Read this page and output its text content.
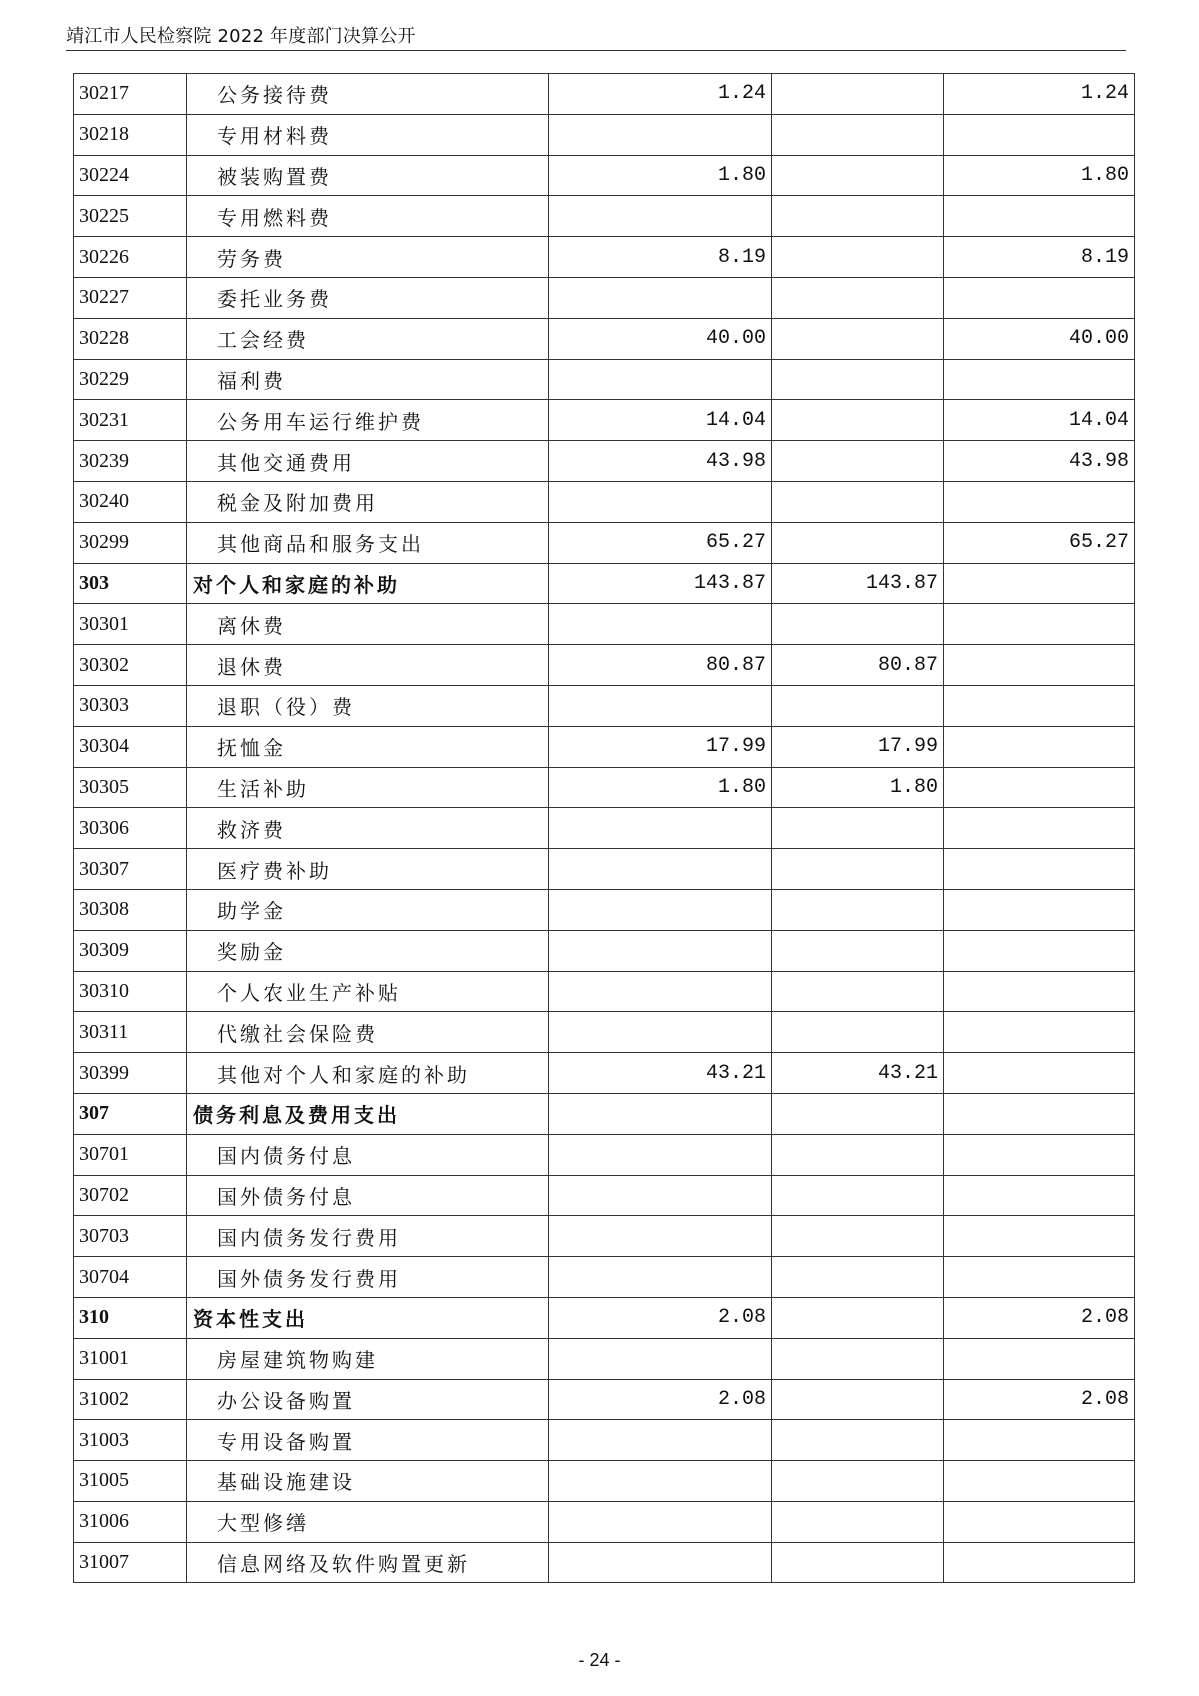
靖江市人民检察院 2022 年度部门决算公开
30217	公务接待费	1.24		1.24
30218	专用材料费			
30224	被装购置费	1.80		1.80
30225	专用燃料费			
30226	劳务费	8.19		8.19
30227	委托业务费			
30228	工会经费	40.00		40.00
30229	福利费			
30231	公务用车运行维护费	14.04		14.04
30239	其他交通费用	43.98		43.98
30240	税金及附加费用			
30299	其他商品和服务支出	65.27		65.27
303	对个人和家庭的补助	143.87	143.87	
30301	离休费			
30302	退休费	80.87	80.87	
30303	退职（役）费			
30304	抚恤金	17.99	17.99	
30305	生活补助	1.80	1.80	
30306	救济费			
30307	医疗费补助			
30308	助学金			
30309	奖励金			
30310	个人农业生产补贴			
30311	代缴社会保险费			
30399	其他对个人和家庭的补助	43.21	43.21	
307	债务利息及费用支出			
30701	国内债务付息			
30702	国外债务付息			
30703	国内债务发行费用			
30704	国外债务发行费用			
310	资本性支出	2.08		2.08
31001	房屋建筑物购建			
31002	办公设备购置	2.08		2.08
31003	专用设备购置			
31005	基础设施建设			
31006	大型修缮			
31007	信息网络及软件购置更新			
- 24 -
